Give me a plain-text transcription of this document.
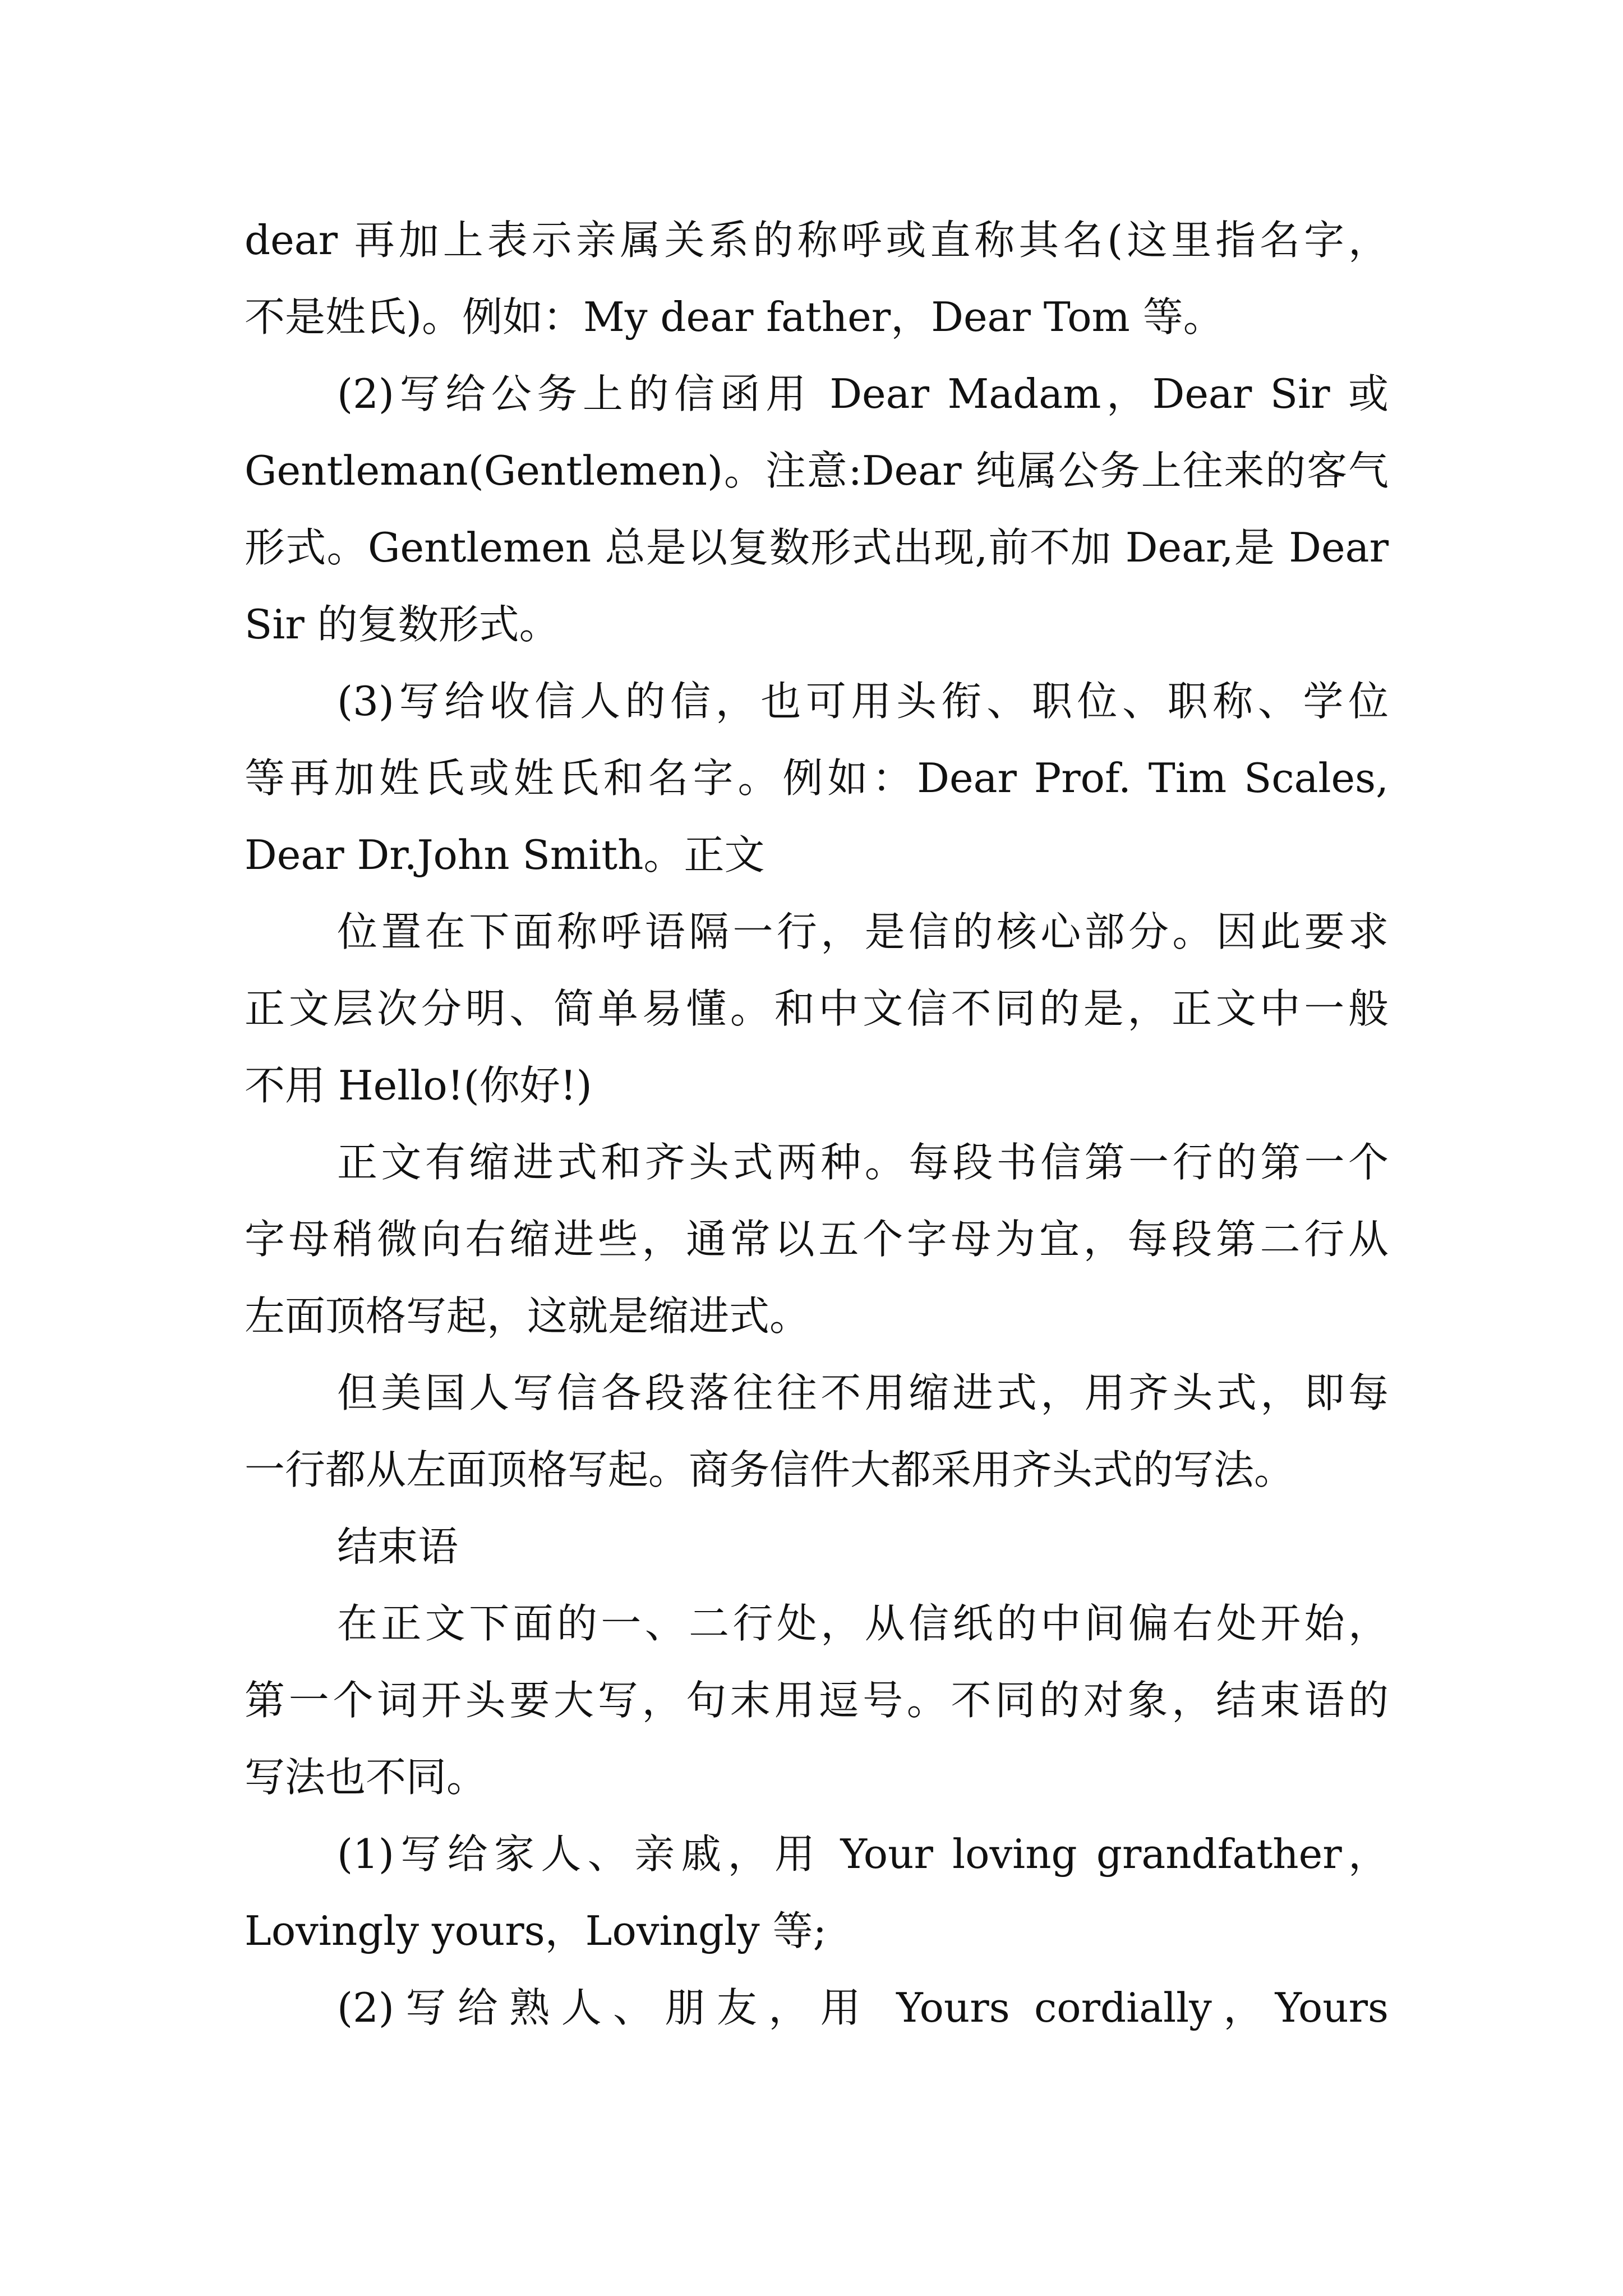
dear 再加上表示亲属关系的称呼或直称其名(这里指名字，
不是姓氏)。例如：My dear father，Dear Tom 等。
(2)写给公务上的信函用 Dear Madam，Dear Sir 或
Gentleman(Gentlemen)。注意:Dear 纯属公务上往来的客气
形式。Gentlemen 总是以复数形式出现,前不加 Dear,是 Dear
Sir 的复数形式。
(3)写给收信人的信，也可用头衔、职位、职称、学位
等再加姓氏或姓氏和名字。例如：Dear Prof. Tim Scales,
Dear Dr.John Smith。正文
位置在下面称呼语隔一行，是信的核心部分。因此要求
正文层次分明、简单易懂。和中文信不同的是，正文中一般
不用 Hello!(你好!)
正文有缩进式和齐头式两种。每段书信第一行的第一个
字母稍微向右缩进些，通常以五个字母为宜，每段第二行从
左面顶格写起，这就是缩进式。
但美国人写信各段落往往不用缩进式，用齐头式，即每
一行都从左面顶格写起。商务信件大都采用齐头式的写法。
结束语
在正文下面的一、二行处，从信纸的中间偏右处开始，
第一个词开头要大写，句末用逗号。不同的对象，结束语的
写法也不同。
(1)写给家人、亲戚，用 Your loving grandfather，
Lovingly yours，Lovingly 等;
(2)写给熟人、朋友，用 Yours cordially，Yours
